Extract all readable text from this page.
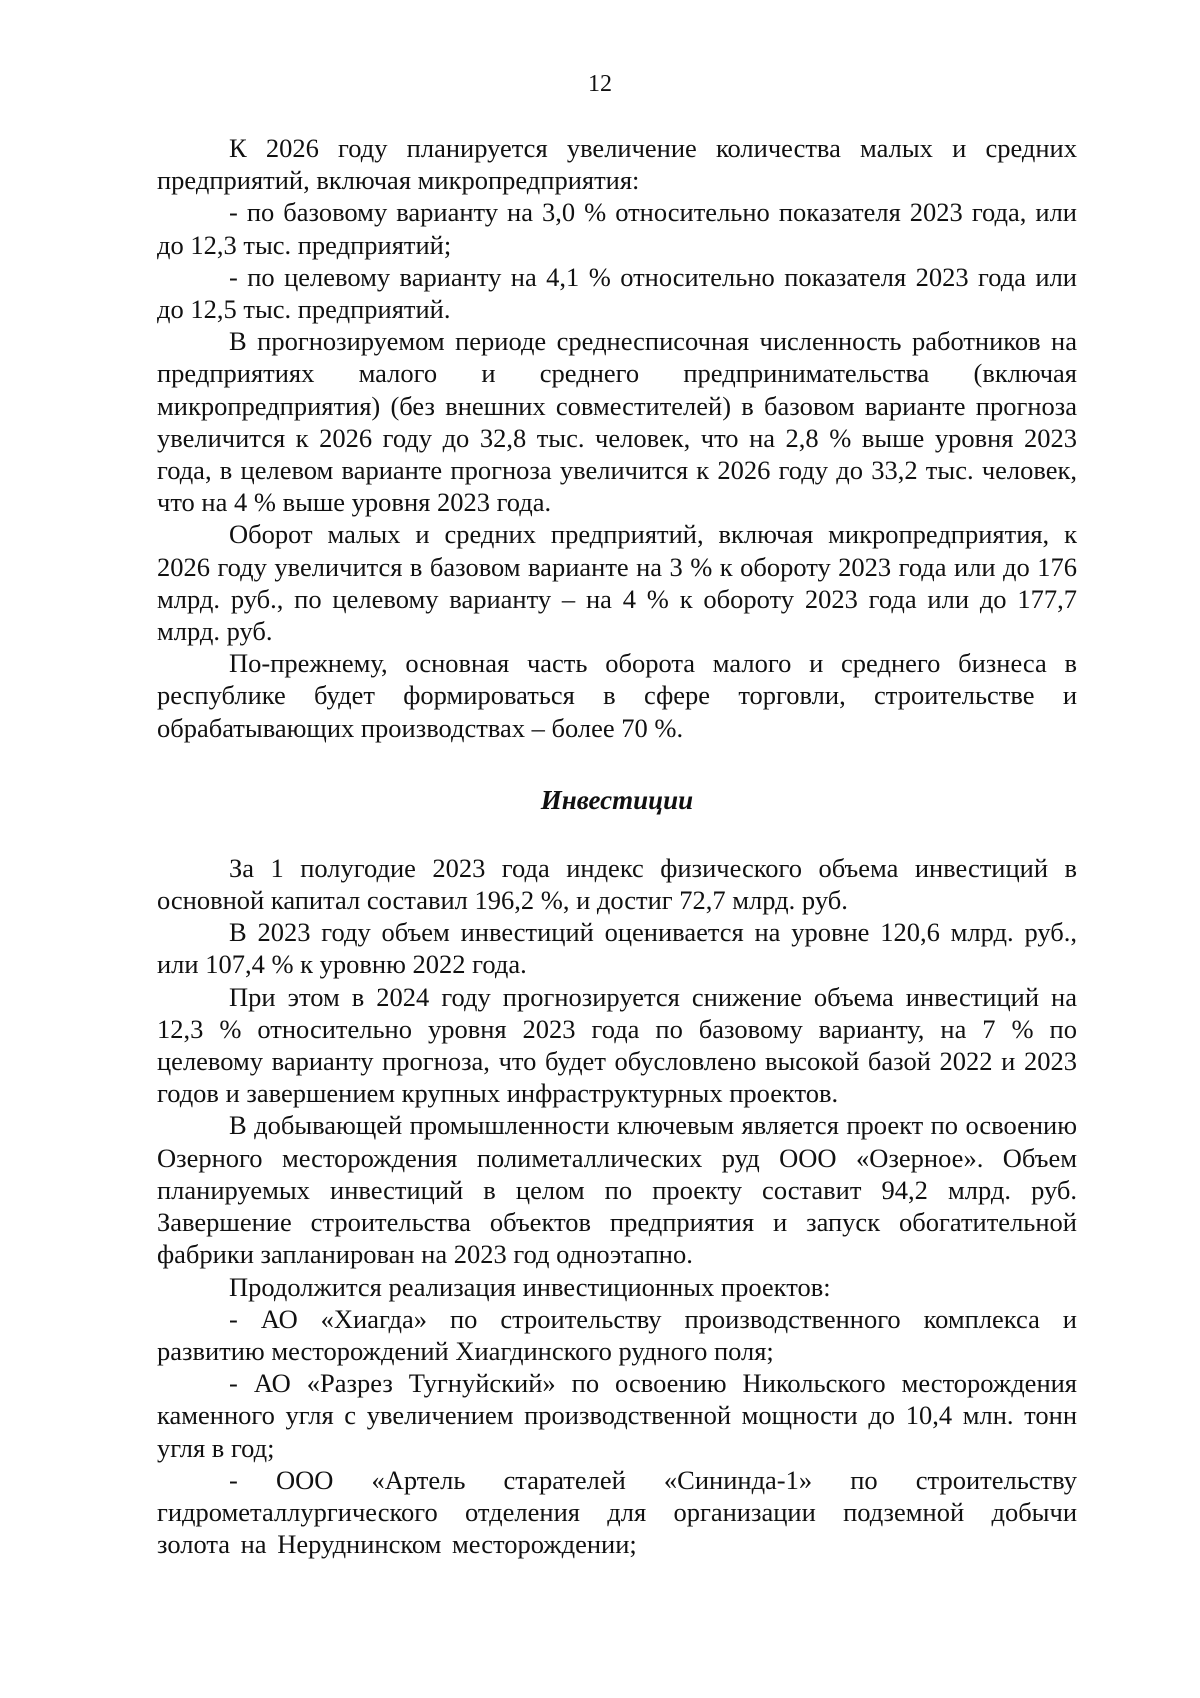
12

К 2026 году планируется увеличение количества малых и средних предприятий, включая микропредприятия:

- по базовому варианту на 3,0 % относительно показателя 2023 года, или до 12,3 тыс. предприятий;

- по целевому варианту на 4,1 % относительно показателя 2023 года или до 12,5 тыс. предприятий.

В прогнозируемом периоде среднесписочная численность работников на предприятиях малого и среднего предпринимательства (включая микропредприятия) (без внешних совместителей) в базовом варианте прогноза увеличится к 2026 году до 32,8 тыс. человек, что на 2,8 % выше уровня 2023 года, в целевом варианте прогноза увеличится к 2026 году до 33,2 тыс. человек, что на 4 % выше уровня 2023 года.

Оборот малых и средних предприятий, включая микропредприятия, к 2026 году увеличится в базовом варианте на 3 % к обороту 2023 года или до 176 млрд. руб., по целевому варианту – на 4 % к обороту 2023 года или до 177,7 млрд. руб.

По-прежнему, основная часть оборота малого и среднего бизнеса в республике будет формироваться в сфере торговли, строительстве и обрабатывающих производствах – более 70 %.

Инвестиции

За 1 полугодие 2023 года индекс физического объема инвестиций в основной капитал составил 196,2 %, и достиг 72,7 млрд. руб.

В 2023 году объем инвестиций оценивается на уровне 120,6 млрд. руб., или 107,4 % к уровню 2022 года.

При этом в 2024 году прогнозируется снижение объема инвестиций на 12,3 % относительно уровня 2023 года по базовому варианту, на 7 % по целевому варианту прогноза, что будет обусловлено высокой базой 2022 и 2023 годов и завершением крупных инфраструктурных проектов.

В добывающей промышленности ключевым является проект по освоению Озерного месторождения полиметаллических руд ООО «Озерное». Объем планируемых инвестиций в целом по проекту составит 94,2 млрд. руб. Завершение строительства объектов предприятия и запуск обогатительной фабрики запланирован на 2023 год одноэтапно.

Продолжится реализация инвестиционных проектов:

- АО «Хиагда» по строительству производственного комплекса и развитию месторождений Хиагдинского рудного поля;

- АО «Разрез Тугнуйский» по освоению Никольского месторождения каменного угля с увеличением производственной мощности до 10,4 млн. тонн угля в год;

- ООО «Артель старателей «Сининда-1» по строительству гидрометаллургического отделения для организации подземной добычи золота на Неруднинском месторождении;
